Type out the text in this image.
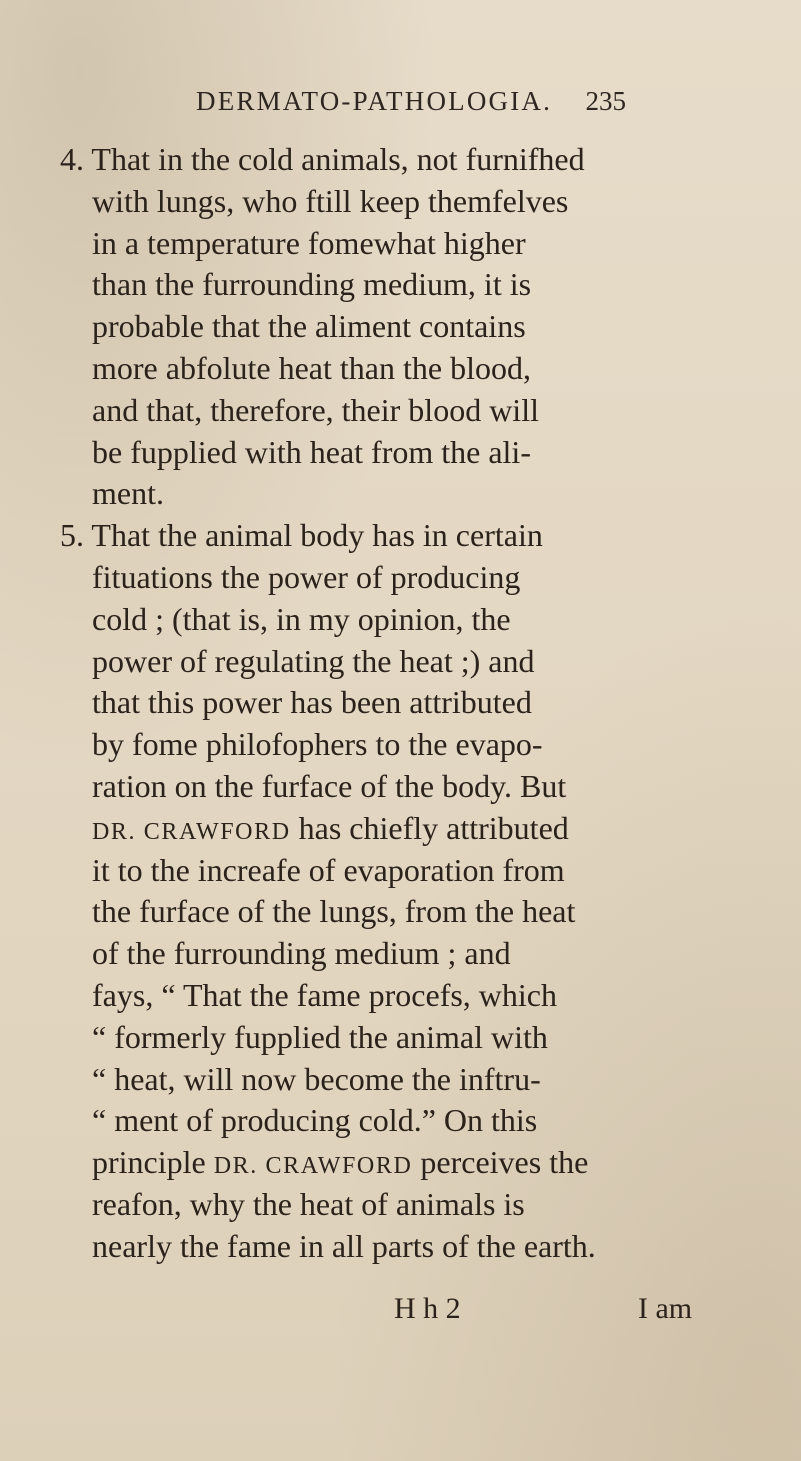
DERMATO-PATHOLOGIA. 235
4. That in the cold animals, not furnifhed
with lungs, who ftill keep themfelves
in a temperature fomewhat higher
than the furrounding medium, it is
probable that the aliment contains
more abfolute heat than the blood,
and that, therefore, their blood will
be fupplied with heat from the ali-
ment.
5. That the animal body has in certain
fituations the power of producing
cold ; (that is, in my opinion, the
power of regulating the heat ;) and
that this power has been attributed
by fome philofophers to the evapo-
ration on the furface of the body. But
DR. CRAWFORD has chiefly attributed
it to the increafe of evaporation from
the furface of the lungs, from the heat
of the furrounding medium ; and
fays, “ That the fame procefs, which
“ formerly fupplied the animal with
“ heat, will now become the inftru-
“ ment of producing cold.” On this
principle DR. CRAWFORD perceives the
reafon, why the heat of animals is
nearly the fame in all parts of the earth.
H h 2	I am
